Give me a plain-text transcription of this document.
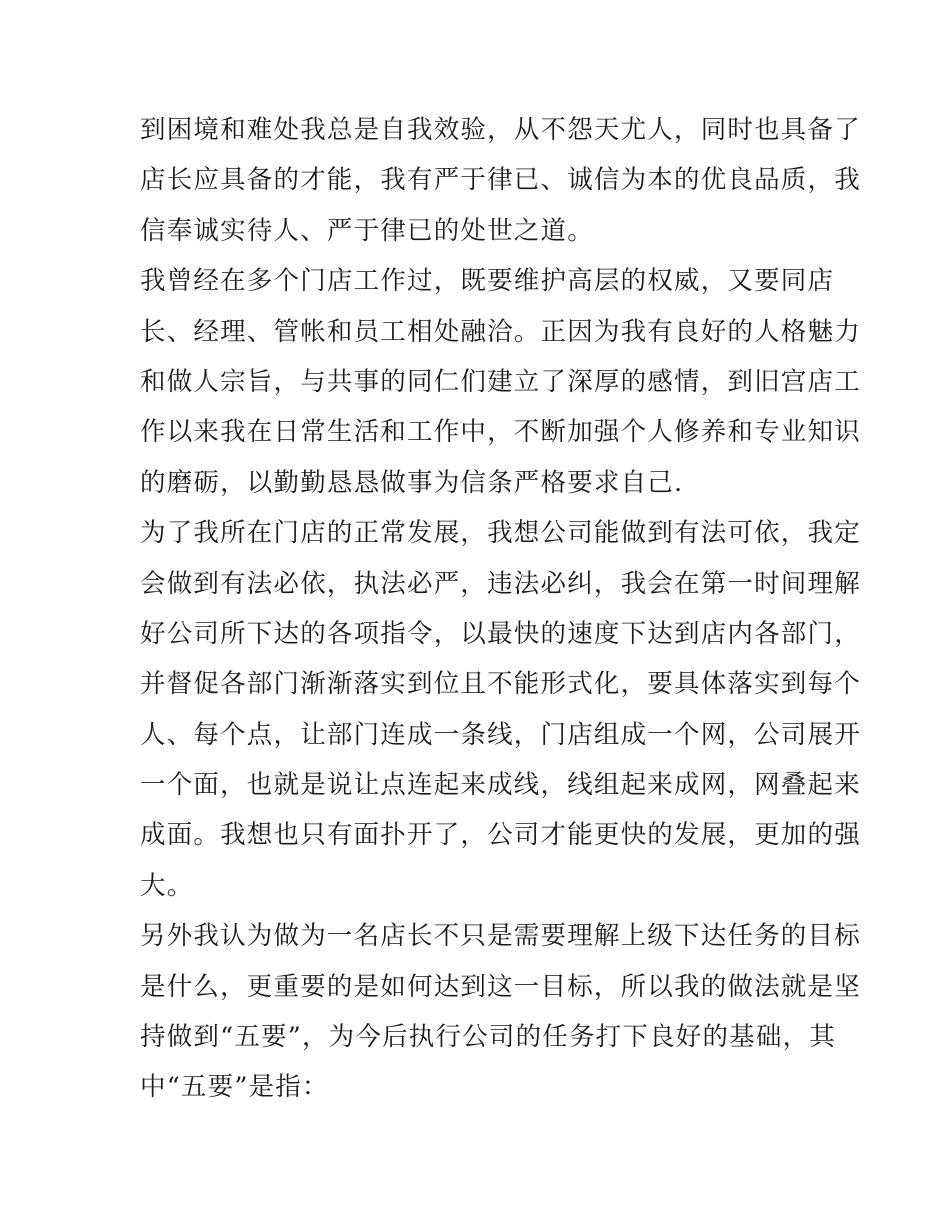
到困境和难处我总是自我效验，从不怨天尤人，同时也具备了
店长应具备的才能，我有严于律已、诚信为本的优良品质，我
信奉诚实待人、严于律已的处世之道。
我曾经在多个门店工作过，既要维护高层的权威，又要同店
长、经理、管帐和员工相处融洽。正因为我有良好的人格魅力
和做人宗旨，与共事的同仁们建立了深厚的感情，到旧宫店工
作以来我在日常生活和工作中，不断加强个人修养和专业知识
的磨砺，以勤勤恳恳做事为信条严格要求自己.
为了我所在门店的正常发展，我想公司能做到有法可依，我定
会做到有法必依，执法必严，违法必纠，我会在第一时间理解
好公司所下达的各项指令，以最快的速度下达到店内各部门，
并督促各部门渐渐落实到位且不能形式化，要具体落实到每个
人、每个点，让部门连成一条线，门店组成一个网，公司展开
一个面，也就是说让点连起来成线，线组起来成网，网叠起来
成面。我想也只有面扑开了，公司才能更快的发展，更加的强
大。
另外我认为做为一名店长不只是需要理解上级下达任务的目标
是什么，更重要的是如何达到这一目标，所以我的做法就是坚
持做到“五要”，为今后执行公司的任务打下良好的基础，其
中“五要”是指：
